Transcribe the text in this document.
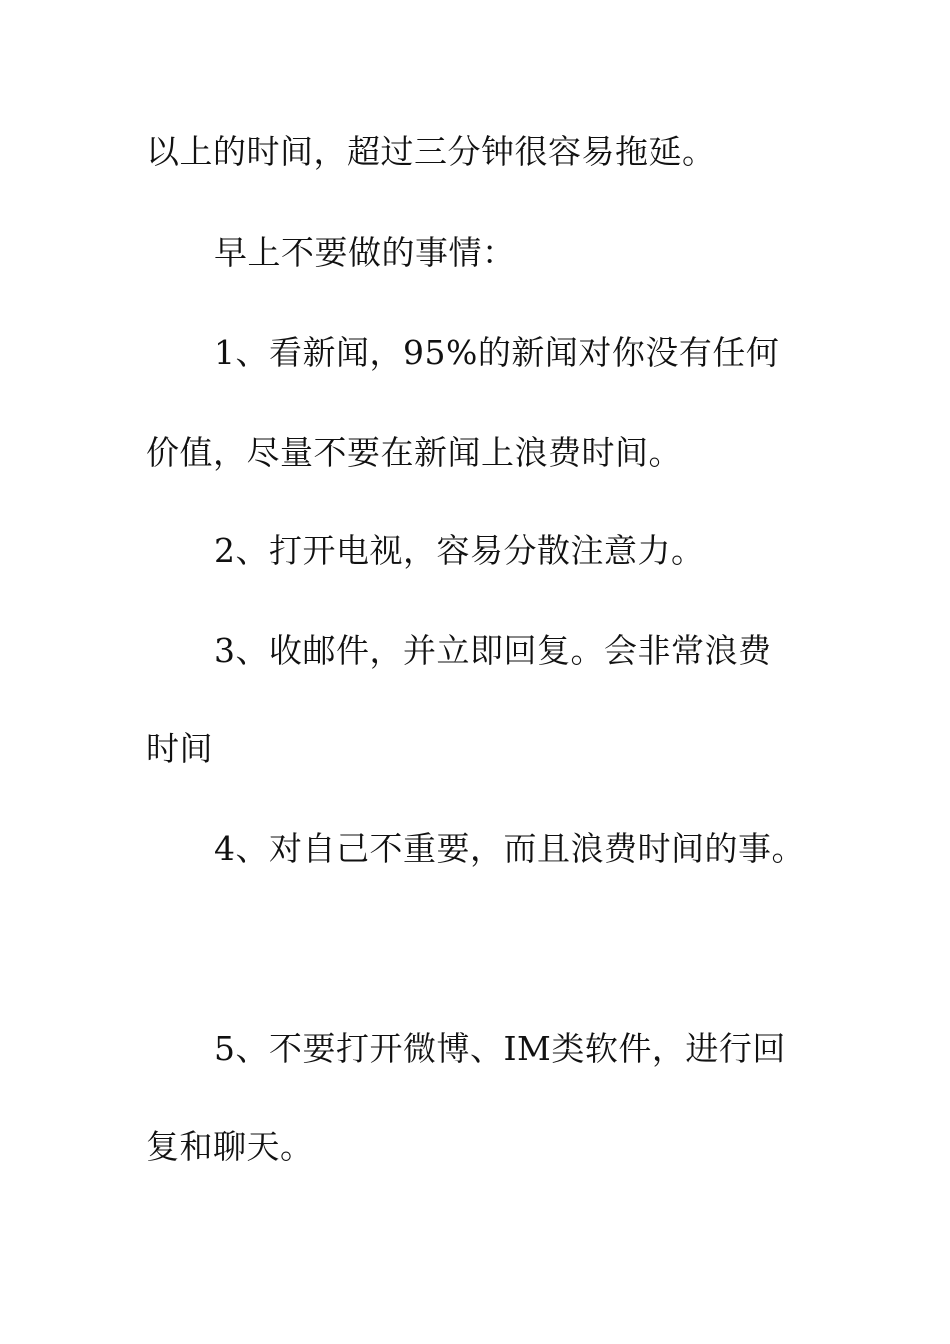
以上的时间，超过三分钟很容易拖延。

早上不要做的事情：

1、看新闻，95%的新闻对你没有任何

价值，尽量不要在新闻上浪费时间。

2、打开电视，容易分散注意力。

3、收邮件，并立即回复。会非常浪费

时间

4、对自己不重要，而且浪费时间的事。

5、不要打开微博、IM类软件，进行回

复和聊天。
